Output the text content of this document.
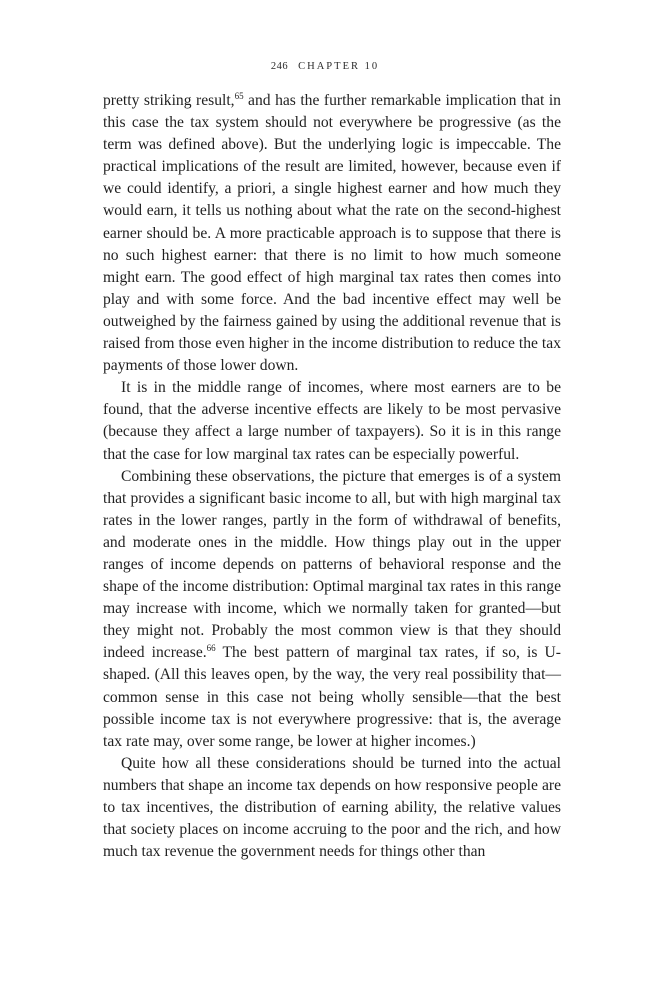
246 CHAPTER 10

pretty striking result,$^{65}$ and has the further remarkable implication that in this case the tax system should not everywhere be progressive (as the term was defined above). But the underlying logic is impeccable. The practical implications of the result are limited, however, because even if we could identify, a priori, a single highest earner and how much they would earn, it tells us nothing about what the rate on the second-highest earner should be. A more practicable approach is to suppose that there is no such highest earner: that there is no limit to how much someone might earn. The good effect of high marginal tax rates then comes into play and with some force. And the bad incentive effect may well be outweighed by the fairness gained by using the additional revenue that is raised from those even higher in the income distribution to reduce the tax payments of those lower down.

It is in the middle range of incomes, where most earners are to be found, that the adverse incentive effects are likely to be most pervasive (because they affect a large number of taxpayers). So it is in this range that the case for low marginal tax rates can be especially powerful.

Combining these observations, the picture that emerges is of a system that provides a significant basic income to all, but with high marginal tax rates in the lower ranges, partly in the form of withdrawal of benefits, and moderate ones in the middle. How things play out in the upper ranges of income depends on patterns of behavioral response and the shape of the income distribution: Optimal marginal tax rates in this range may increase with income, which we normally taken for granted—but they might not. Probably the most common view is that they should indeed increase.$^{66}$ The best pattern of marginal tax rates, if so, is U-shaped. (All this leaves open, by the way, the very real possibility that—common sense in this case not being wholly sensible—that the best possible income tax is not everywhere progressive: that is, the average tax rate may, over some range, be lower at higher incomes.)

Quite how all these considerations should be turned into the actual numbers that shape an income tax depends on how responsive people are to tax incentives, the distribution of earning ability, the relative values that society places on income accruing to the poor and the rich, and how much tax revenue the government needs for things other than
